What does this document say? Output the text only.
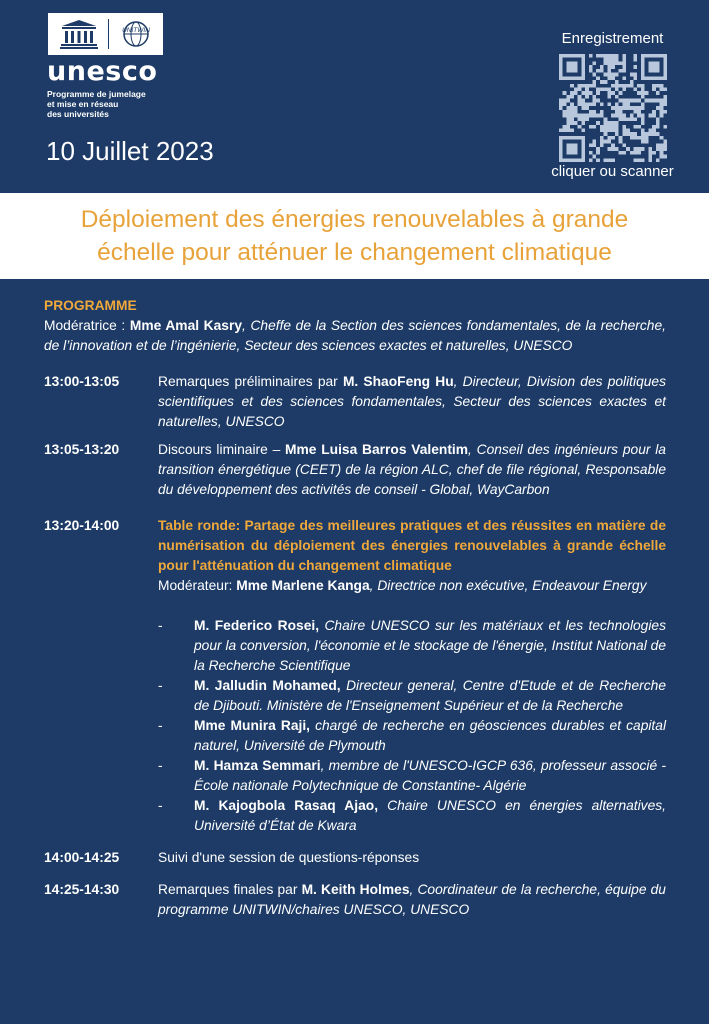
UNITWIN
unesco
Programme de jumelage
et mise en réseau
des universités
10 Juillet 2023
Enregistrement
cliquer ou scanner
Déploiement des énergies renouvelables à grande
échelle pour atténuer le changement climatique
PROGRAMME
Modératrice : Mme Amal Kasry, Cheffe de la Section des sciences fondamentales, de la recherche, de l’innovation et de l’ingénierie, Secteur des sciences exactes et naturelles, UNESCO
13:00-13:05	Remarques préliminaires par M. ShaoFeng Hu, Directeur, Division des politiques scientifiques et des sciences fondamentales, Secteur des sciences exactes et naturelles, UNESCO
13:05-13:20	Discours liminaire – Mme Luisa Barros Valentim, Conseil des ingénieurs pour la transition énergétique (CEET) de la région ALC, chef de file régional, Responsable du développement des activités de conseil - Global, WayCarbon
13:20-14:00	Table ronde: Partage des meilleures pratiques et des réussites en matière de numérisation du déploiement des énergies renouvelables à grande échelle pour l'atténuation du changement climatique
Modérateur: Mme Marlene Kanga, Directrice non exécutive, Endeavour Energy
-	M. Federico Rosei, Chaire UNESCO sur les matériaux et les technologies pour la conversion, l'économie et le stockage de l'énergie, Institut National de la Recherche Scientifique
-	M. Jalludin Mohamed, Directeur general, Centre d'Etude et de Recherche de Djibouti. Ministère de l'Enseignement Supérieur et de la Recherche
-	Mme Munira Raji, chargé de recherche en géosciences durables et capital naturel, Université de Plymouth
-	M. Hamza Semmari, membre de l'UNESCO-IGCP 636, professeur associé - École nationale Polytechnique de Constantine- Algérie
-	M. Kajogbola Rasaq Ajao, Chaire UNESCO en énergies alternatives, Université d’État de Kwara
14:00-14:25	Suivi d'une session de questions-réponses
14:25-14:30	Remarques finales par M. Keith Holmes, Coordinateur de la recherche, équipe du programme UNITWIN/chaires UNESCO, UNESCO
